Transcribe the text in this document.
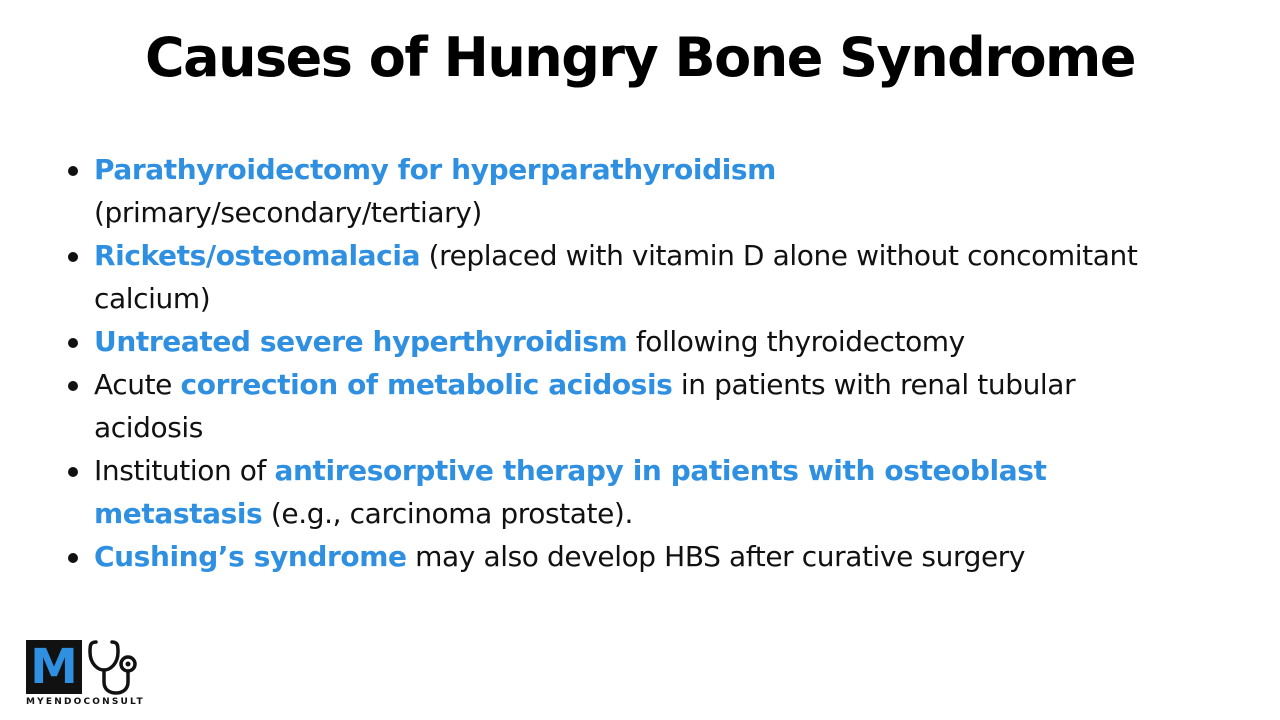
Causes of Hungry Bone Syndrome
Parathyroidectomy for hyperparathyroidism
(primary/secondary/tertiary)
Rickets/osteomalacia (replaced with vitamin D alone without concomitant calcium)
Untreated severe hyperthyroidism following thyroidectomy
Acute correction of metabolic acidosis in patients with renal tubular acidosis
Institution of antiresorptive therapy in patients with osteoblast metastasis (e.g., carcinoma prostate).
Cushing’s syndrome may also develop HBS after curative surgery
M
MYENDOCONSULT
